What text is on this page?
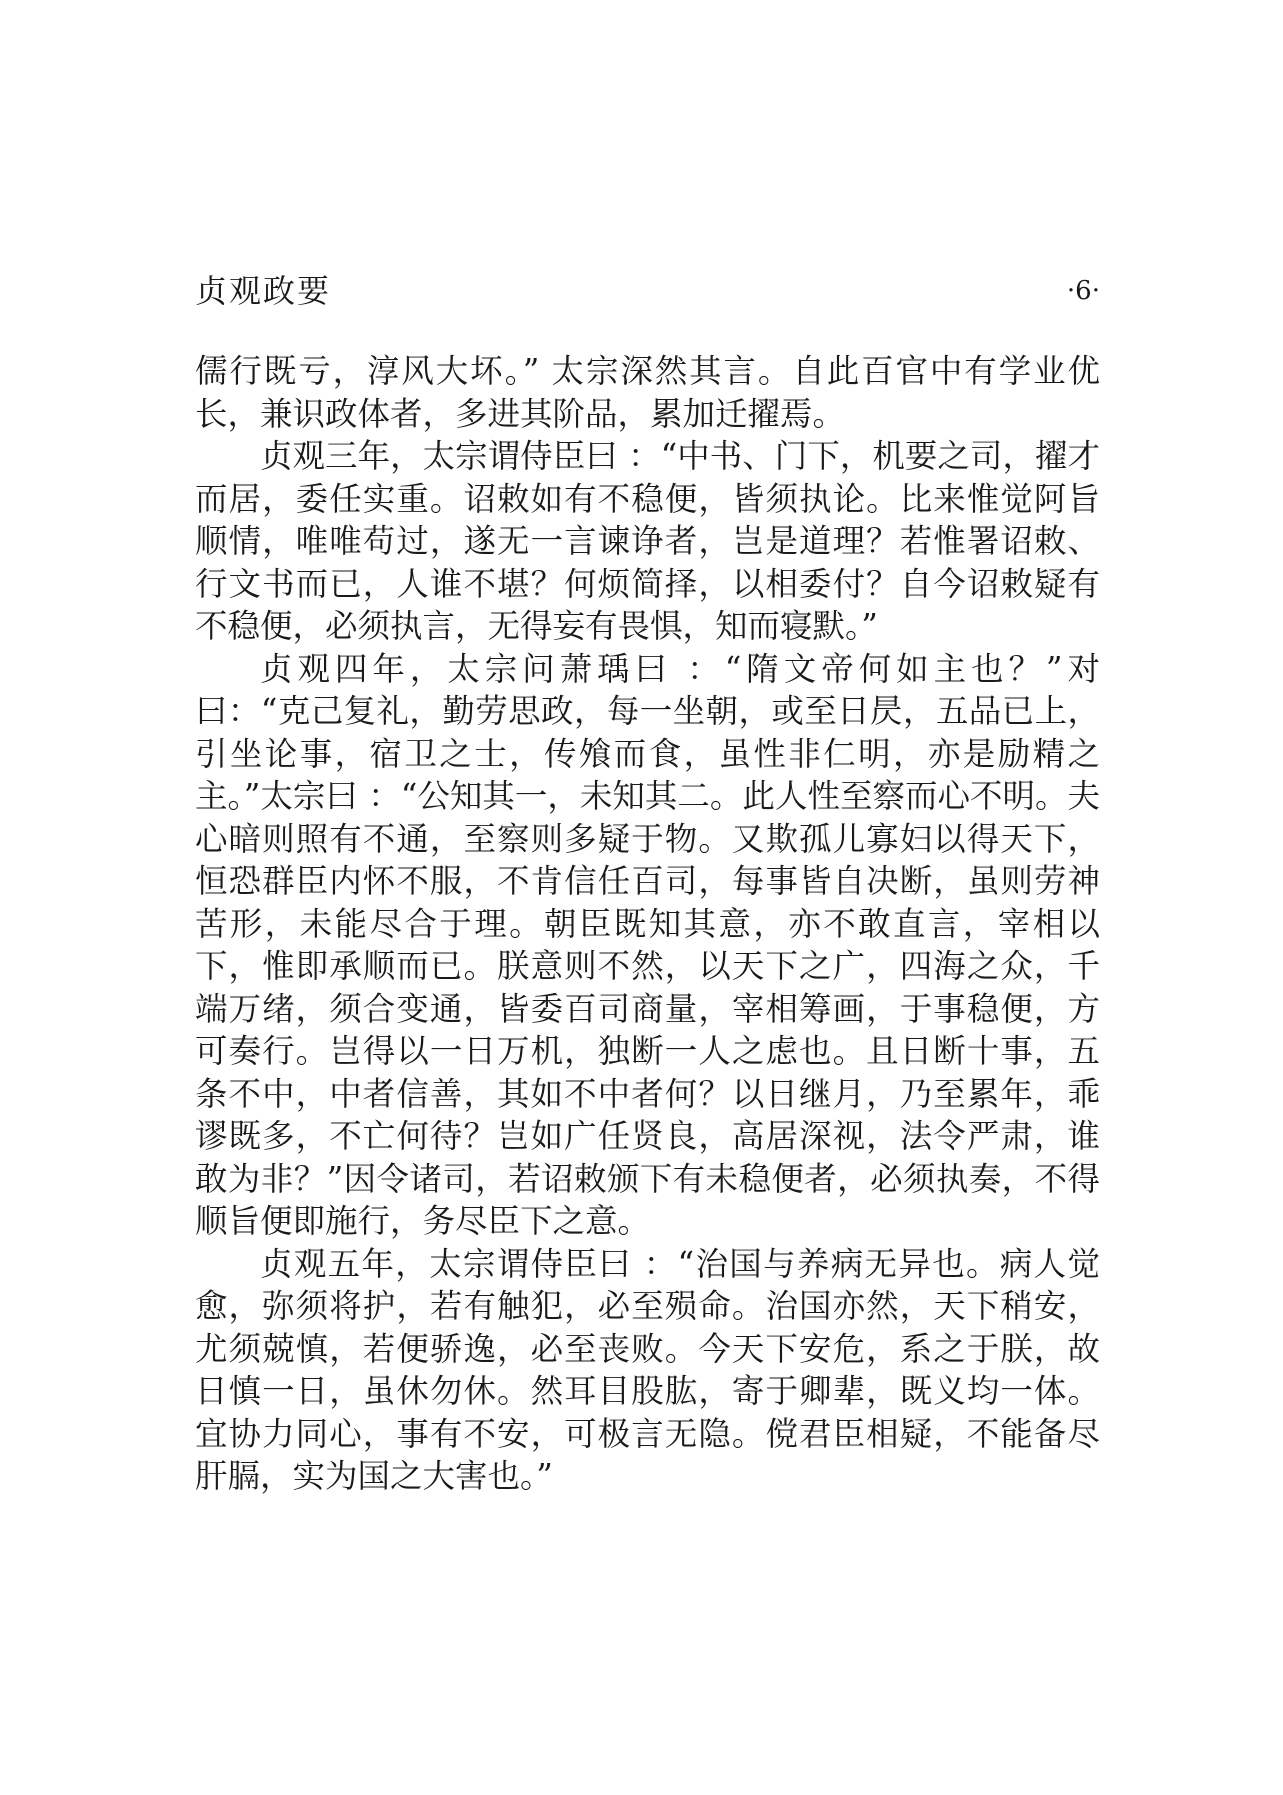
贞观政要	·6·

儒行既亏，淳风大坏。” 太宗深然其言。自此百官中有学业优长，兼识政体者，多进其阶品，累加迁擢焉。

贞观三年，太宗谓侍臣曰 ：“中书、门下，机要之司，擢才而居，委任实重。诏敕如有不稳便，皆须执论。比来惟觉阿旨顺情，唯唯苟过，遂无一言谏诤者，岂是道理？若惟署诏敕、行文书而已，人谁不堪？何烦简择，以相委付？自今诏敕疑有不稳便，必须执言，无得妄有畏惧，知而寝默。”

贞观四年，太宗问萧瑀曰 ：“隋文帝何如主也？”对曰：“克己复礼，勤劳思政，每一坐朝，或至日昃，五品已上，引坐论事，宿卫之士，传飧而食，虽性非仁明，亦是励精之主。”太宗曰 ：“公知其一，未知其二。此人性至察而心不明。夫心暗则照有不通，至察则多疑于物。又欺孤儿寡妇以得天下，恒恐群臣内怀不服，不肯信任百司，每事皆自决断，虽则劳神苦形，未能尽合于理。朝臣既知其意，亦不敢直言，宰相以下，惟即承顺而已。朕意则不然，以天下之广，四海之众，千端万绪，须合变通，皆委百司商量，宰相筹画，于事稳便，方可奏行。岂得以一日万机，独断一人之虑也。且日断十事，五条不中，中者信善，其如不中者何？以日继月，乃至累年，乖谬既多，不亡何待？岂如广任贤良，高居深视，法令严肃，谁敢为非？”因令诸司，若诏敕颁下有未稳便者，必须执奏，不得顺旨便即施行，务尽臣下之意。

贞观五年，太宗谓侍臣曰 ：“治国与养病无异也。病人觉愈，弥须将护，若有触犯，必至殒命。治国亦然，天下稍安，尤须兢慎，若便骄逸，必至丧败。今天下安危，系之于朕，故日慎一日，虽休勿休。然耳目股肱，寄于卿辈，既义均一体。宜协力同心，事有不安，可极言无隐。傥君臣相疑，不能备尽肝膈，实为国之大害也。”
